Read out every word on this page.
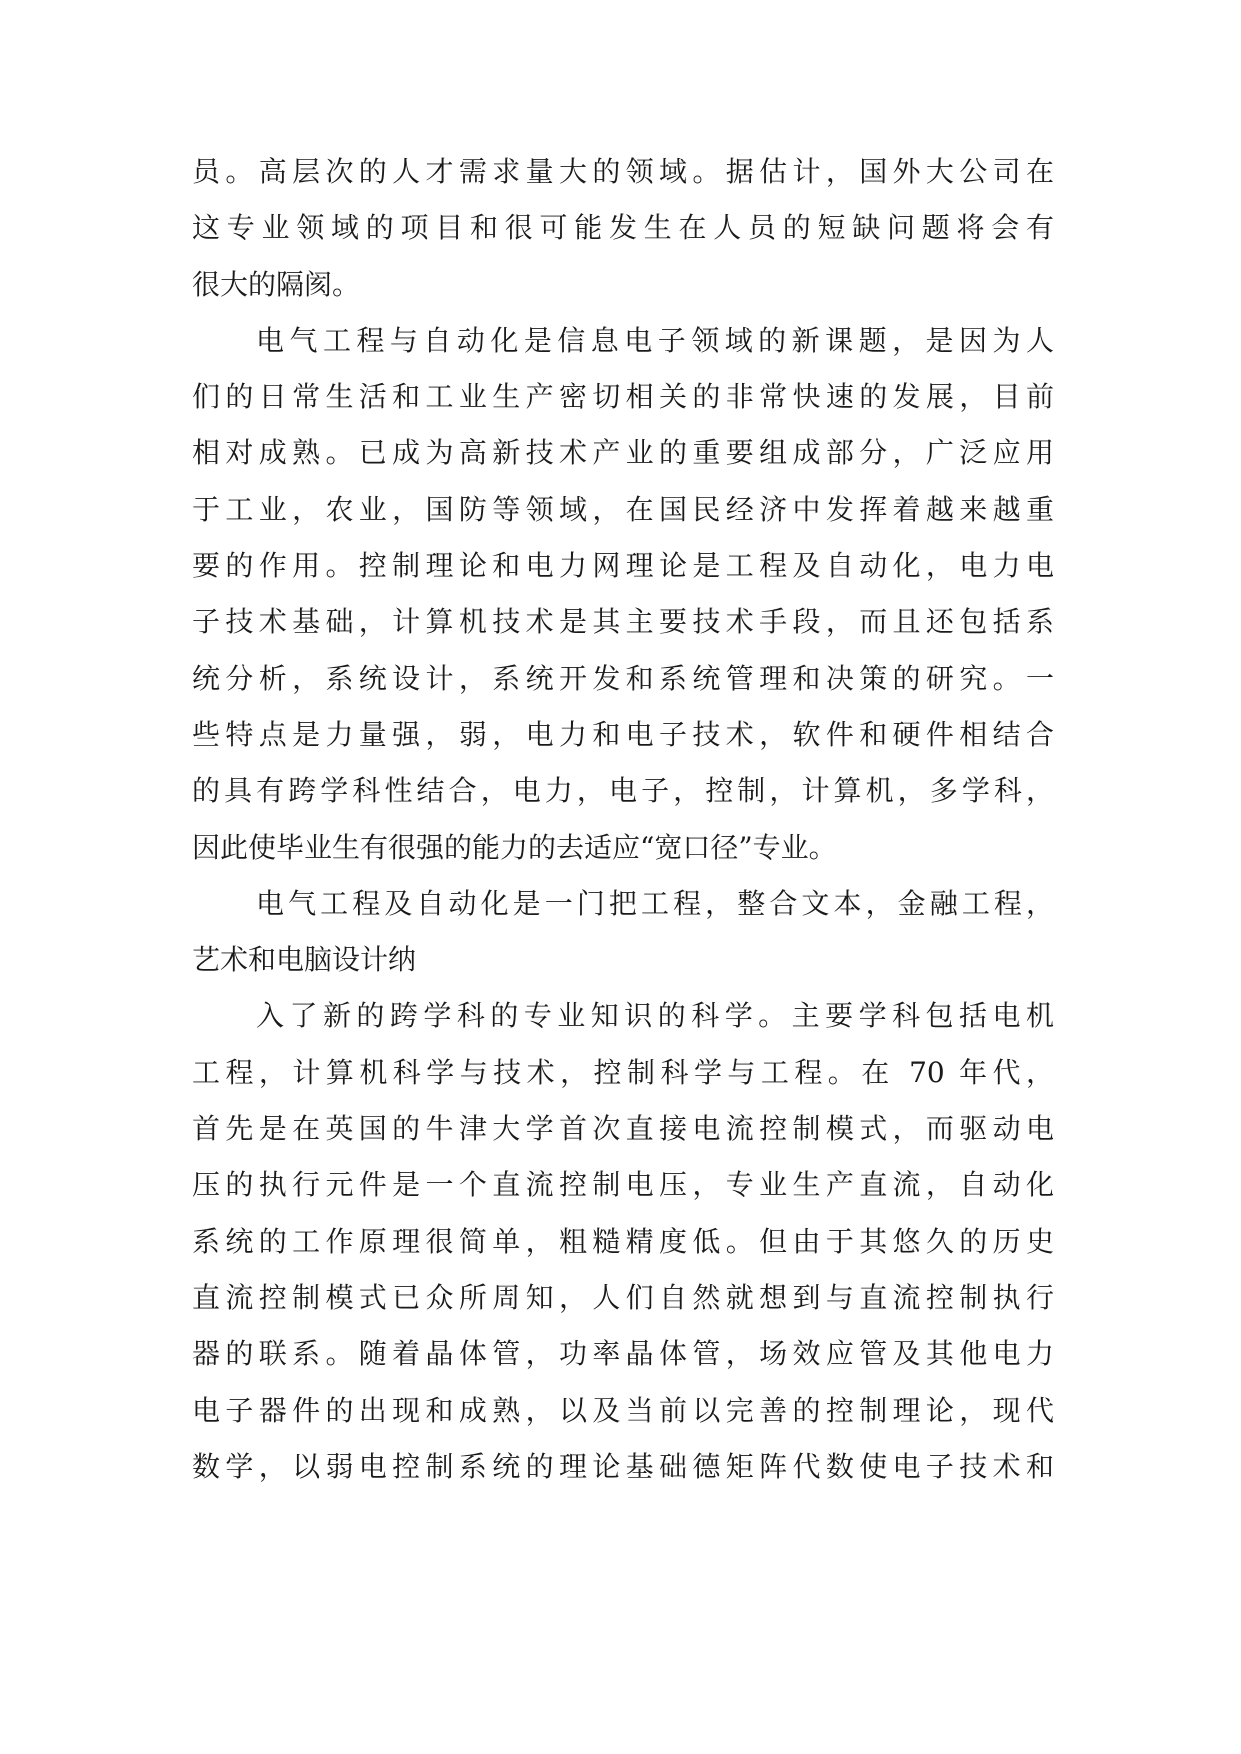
员。高层次的人才需求量大的领域。据估计，国外大公司在
这专业领域的项目和很可能发生在人员的短缺问题将会有
很大的隔阂。
电气工程与自动化是信息电子领域的新课题，是因为人
们的日常生活和工业生产密切相关的非常快速的发展，目前
相对成熟。已成为高新技术产业的重要组成部分，广泛应用
于工业，农业，国防等领域，在国民经济中发挥着越来越重
要的作用。控制理论和电力网理论是工程及自动化，电力电
子技术基础，计算机技术是其主要技术手段，而且还包括系
统分析，系统设计，系统开发和系统管理和决策的研究。一
些特点是力量强，弱，电力和电子技术，软件和硬件相结合
的具有跨学科性结合，电力，电子，控制，计算机，多学科，
因此使毕业生有很强的能力的去适应“宽口径”专业。
电气工程及自动化是一门把工程，整合文本，金融工程，
艺术和电脑设计纳
入了新的跨学科的专业知识的科学。主要学科包括电机
工程，计算机科学与技术，控制科学与工程。在 70 年代，
首先是在英国的牛津大学首次直接电流控制模式，而驱动电
压的执行元件是一个直流控制电压，专业生产直流，自动化
系统的工作原理很简单，粗糙精度低。但由于其悠久的历史
直流控制模式已众所周知，人们自然就想到与直流控制执行
器的联系。随着晶体管，功率晶体管，场效应管及其他电力
电子器件的出现和成熟，以及当前以完善的控制理论，现代
数学，以弱电控制系统的理论基础德矩阵代数使电子技术和
